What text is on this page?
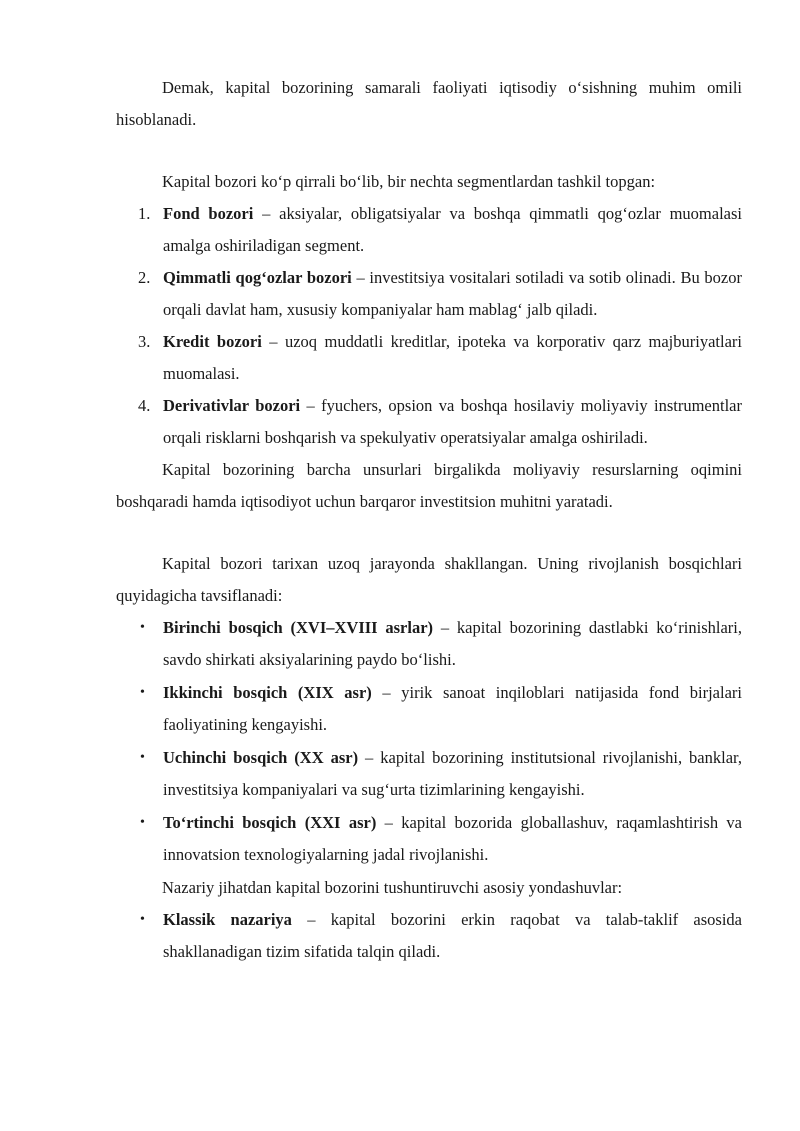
Demak, kapital bozorining samarali faoliyati iqtisodiy o‘sishning muhim omili hisoblanadi.

Kapital bozori ko‘p qirrali bo‘lib, bir nechta segmentlardan tashkil topgan:

1. Fond bozori – aksiyalar, obligatsiyalar va boshqa qimmatli qog‘ozlar muomalasi amalga oshiriladigan segment.
2. Qimmatli qog‘ozlar bozori – investitsiya vositalari sotiladi va sotib olinadi. Bu bozor orqali davlat ham, xususiy kompaniyalar ham mablag‘ jalb qiladi.
3. Kredit bozori – uzoq muddatli kreditlar, ipoteka va korporativ qarz majburiyatlari muomalasi.
4. Derivativlar bozori – fyuchers, opsion va boshqa hosilaviy moliyaviy instrumentlar orqali risklarni boshqarish va spekulyativ operatsiyalar amalga oshiriladi.

Kapital bozorining barcha unsurlari birgalikda moliyaviy resurslarning oqimini boshqaradi hamda iqtisodiyot uchun barqaror investitsion muhitni yaratadi.

Kapital bozori tarixan uzoq jarayonda shakllangan. Uning rivojlanish bosqichlari quyidagicha tavsiflanadi:

• Birinchi bosqich (XVI–XVIII asrlar) – kapital bozorining dastlabki ko‘rinishlari, savdo shirkati aksiyalarining paydo bo‘lishi.
• Ikkinchi bosqich (XIX asr) – yirik sanoat inqiloblari natijasida fond birjalari faoliyatining kengayishi.
• Uchinchi bosqich (XX asr) – kapital bozorining institutsional rivojlanishi, banklar, investitsiya kompaniyalari va sug‘urta tizimlarining kengayishi.
• To‘rtinchi bosqich (XXI asr) – kapital bozorida globallashuv, raqamlashtirish va innovatsion texnologiyalarning jadal rivojlanishi.

Nazariy jihatdan kapital bozorini tushuntiruvchi asosiy yondashuvlar:

• Klassik nazariya – kapital bozorini erkin raqobat va talab-taklif asosida shakllanadigan tizim sifatida talqin qiladi.
